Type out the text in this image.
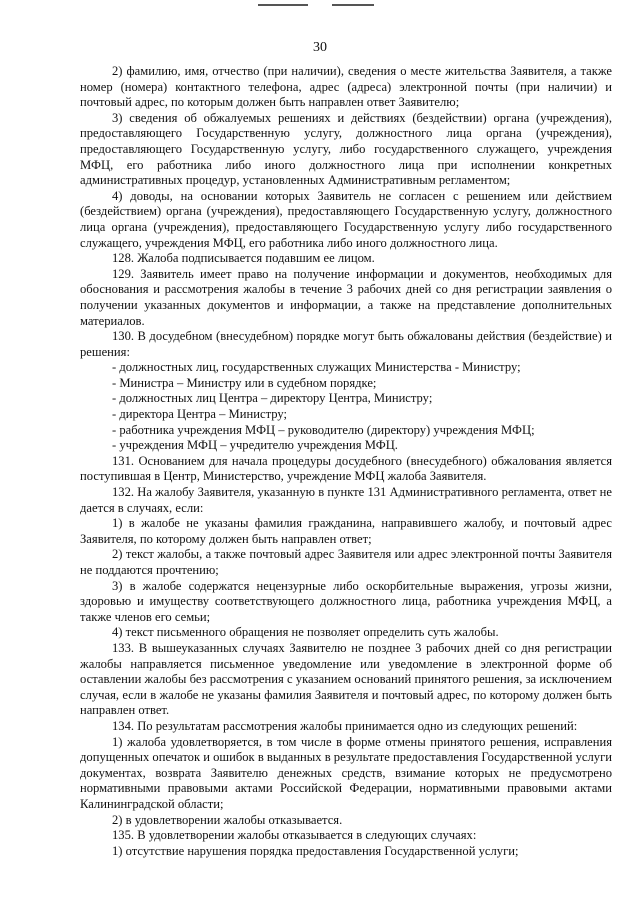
30

2) фамилию, имя, отчество (при наличии), сведения о месте жительства Заявителя, а также номер (номера) контактного телефона, адрес (адреса) электронной почты (при наличии) и почтовый адрес, по которым должен быть направлен ответ Заявителю;

3) сведения об обжалуемых решениях и действиях (бездействии) органа (учреждения), предоставляющего Государственную услугу, должностного лица органа (учреждения), предоставляющего Государственную услугу, либо государственного служащего, учреждения МФЦ, его работника либо иного должностного лица при исполнении конкретных административных процедур, установленных Административным регламентом;

4) доводы, на основании которых Заявитель не согласен с решением или действием (бездействием) органа (учреждения), предоставляющего Государственную услугу, должностного лица органа (учреждения), предоставляющего Государственную услугу либо государственного служащего, учреждения МФЦ, его работника либо иного должностного лица.

128. Жалоба подписывается подавшим ее лицом.

129. Заявитель имеет право на получение информации и документов, необходимых для обоснования и рассмотрения жалобы в течение 3 рабочих дней со дня регистрации заявления о получении указанных документов и информации, а также на представление дополнительных материалов.

130. В досудебном (внесудебном) порядке могут быть обжалованы действия (бездействие) и решения:

- должностных лиц, государственных служащих Министерства - Министру;

- Министра – Министру или в судебном порядке;

- должностных лиц Центра – директору Центра, Министру;

- директора Центра – Министру;

- работника учреждения МФЦ – руководителю (директору) учреждения МФЦ;

- учреждения МФЦ – учредителю учреждения МФЦ.

131. Основанием для начала процедуры досудебного (внесудебного) обжалования является поступившая в Центр, Министерство, учреждение МФЦ жалоба Заявителя.

132. На жалобу Заявителя, указанную в пункте 131 Административного регламента, ответ не дается в случаях, если:

1) в жалобе не указаны фамилия гражданина, направившего жалобу, и почтовый адрес Заявителя, по которому должен быть направлен ответ;

2) текст жалобы, а также почтовый адрес Заявителя или адрес электронной почты Заявителя не поддаются прочтению;

3) в жалобе содержатся нецензурные либо оскорбительные выражения, угрозы жизни, здоровью и имуществу соответствующего должностного лица, работника учреждения МФЦ, а также членов его семьи;

4) текст письменного обращения не позволяет определить суть жалобы.

133. В вышеуказанных случаях Заявителю не позднее 3 рабочих дней со дня регистрации жалобы направляется письменное уведомление или уведомление в электронной форме об оставлении жалобы без рассмотрения с указанием оснований принятого решения, за исключением случая, если в жалобе не указаны фамилия Заявителя и почтовый адрес, по которому должен быть направлен ответ.

134. По результатам рассмотрения жалобы принимается одно из следующих решений:

1) жалоба удовлетворяется, в том числе в форме отмены принятого решения, исправления допущенных опечаток и ошибок в выданных в результате предоставления Государственной услуги документах, возврата Заявителю денежных средств, взимание которых не предусмотрено нормативными правовыми актами Российской Федерации, нормативными правовыми актами Калининградской области;

2) в удовлетворении жалобы отказывается.

135. В удовлетворении жалобы отказывается в следующих случаях:

1) отсутствие нарушения порядка предоставления Государственной услуги;
